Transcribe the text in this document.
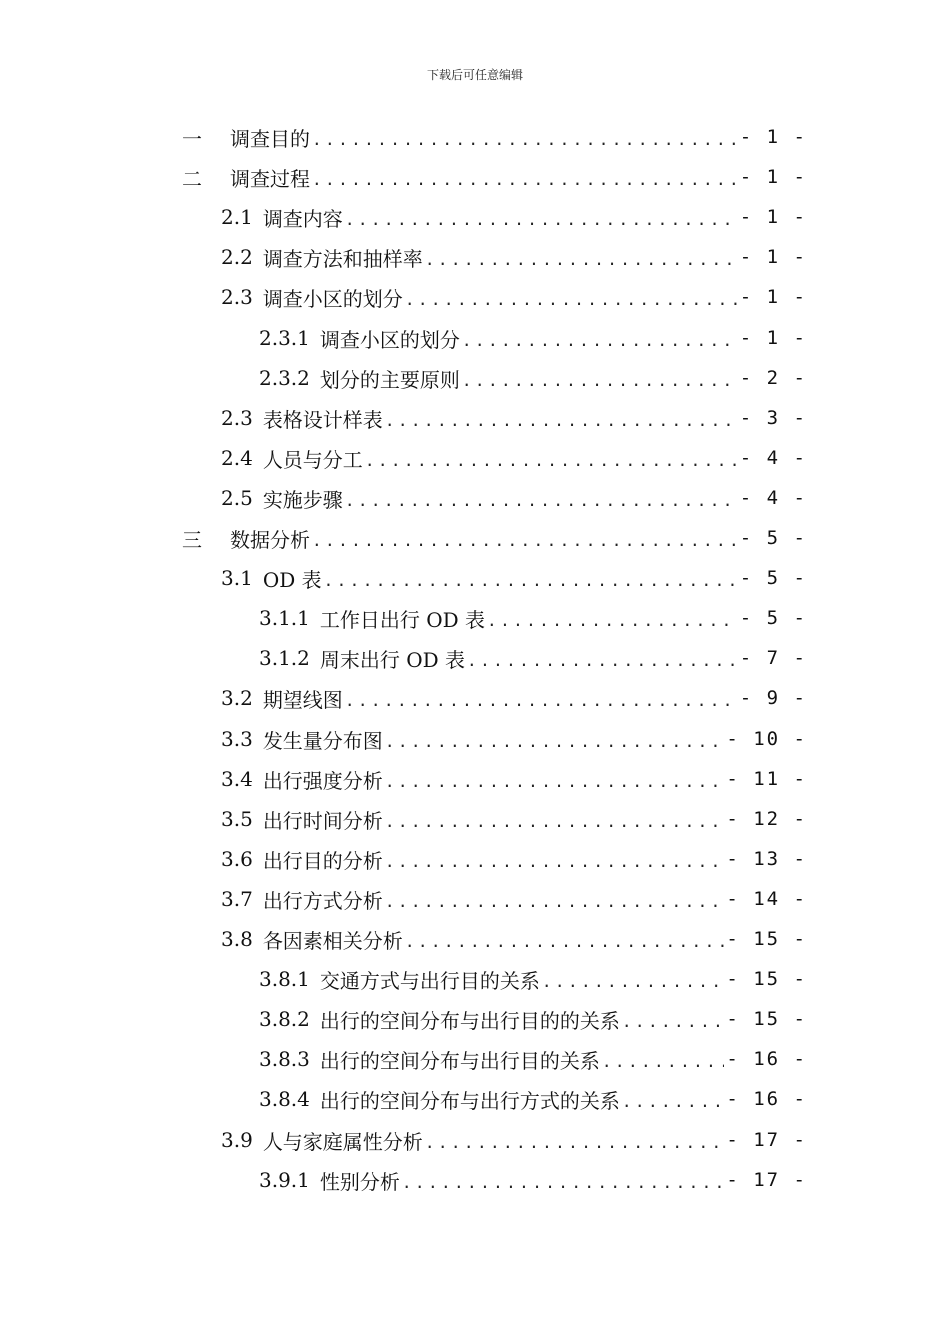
下载后可任意编辑
一	调查目的 .....	- 1 -
二	调查过程 .....	- 1 -
2.1 调查内容 .....	- 1 -
2.2 调查方法和抽样率 .....	- 1 -
2.3 调查小区的划分 .....	- 1 -
2.3.1 调查小区的划分 .....	- 1 -
2.3.2 划分的主要原则 .....	- 2 -
2.3 表格设计样表 .....	- 3 -
2.4 人员与分工 .....	- 4 -
2.5 实施步骤 .....	- 4 -
三	数据分析 .....	- 5 -
3.1 OD 表 .....	- 5 -
3.1.1 工作日出行 OD 表 .....	- 5 -
3.1.2 周末出行 OD 表 .....	- 7 -
3.2 期望线图 .....	- 9 -
3.3 发生量分布图 .....	- 10 -
3.4 出行强度分析 .....	- 11 -
3.5 出行时间分析 .....	- 12 -
3.6 出行目的分析 .....	- 13 -
3.7 出行方式分析 .....	- 14 -
3.8 各因素相关分析 .....	- 15 -
3.8.1 交通方式与出行目的关系 .....	- 15 -
3.8.2 出行的空间分布与出行目的的关系 .....	- 15 -
3.8.3 出行的空间分布与出行目的关系 .....	- 16 -
3.8.4 出行的空间分布与出行方式的关系 .....	- 16 -
3.9 人与家庭属性分析 .....	- 17 -
3.9.1 性别分析 .....	- 17 -
